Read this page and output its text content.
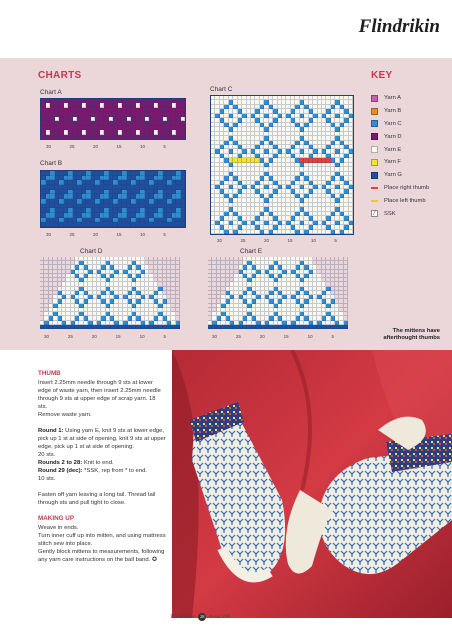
Flindrikin
CHARTS	KEY
Chart A
30	25	20	15	10	5
Chart B
30	25	20	15	10	5
Chart C
30	25	20	15	10	5
Chart D
30	25	20	15	10	5
Chart E
30	25	20	15	10	5
Yarn A
Yarn B
Yarn C
Yarn D
Yarn E
Yarn F
Yarn G
Place right thumb
Place left thumb
⁄	SSK
The mittens have afterthought thumbs
THUMB
Insert 2.25mm needle through 9 sts at lower edge of waste yarn, then insert 2.25mm needle through 9 sts at upper edge of scrap yarn. 18 sts.

Remove waste yarn.

Round 1: Using yarn E, knit 9 sts at lower edge, pick up 1 st at side of opening, knit 9 sts at upper edge, pick up 1 st at side of opening.
20 sts.
Rounds 2 to 28: Knit to end.
Round 29 (dec): *SSK, rep from * to end.

10 sts.

Fasten off yarn leaving a long tail. Thread tail through sts and pull tight to close.

MAKING UP
Weave in ends.
Turn inner cuff up into mitten, and using mattress stitch sew into place.
Gently block mittens to measurements, following any yarn care instructions on the ball band. ✪
The Knitter	28 Issue 200
